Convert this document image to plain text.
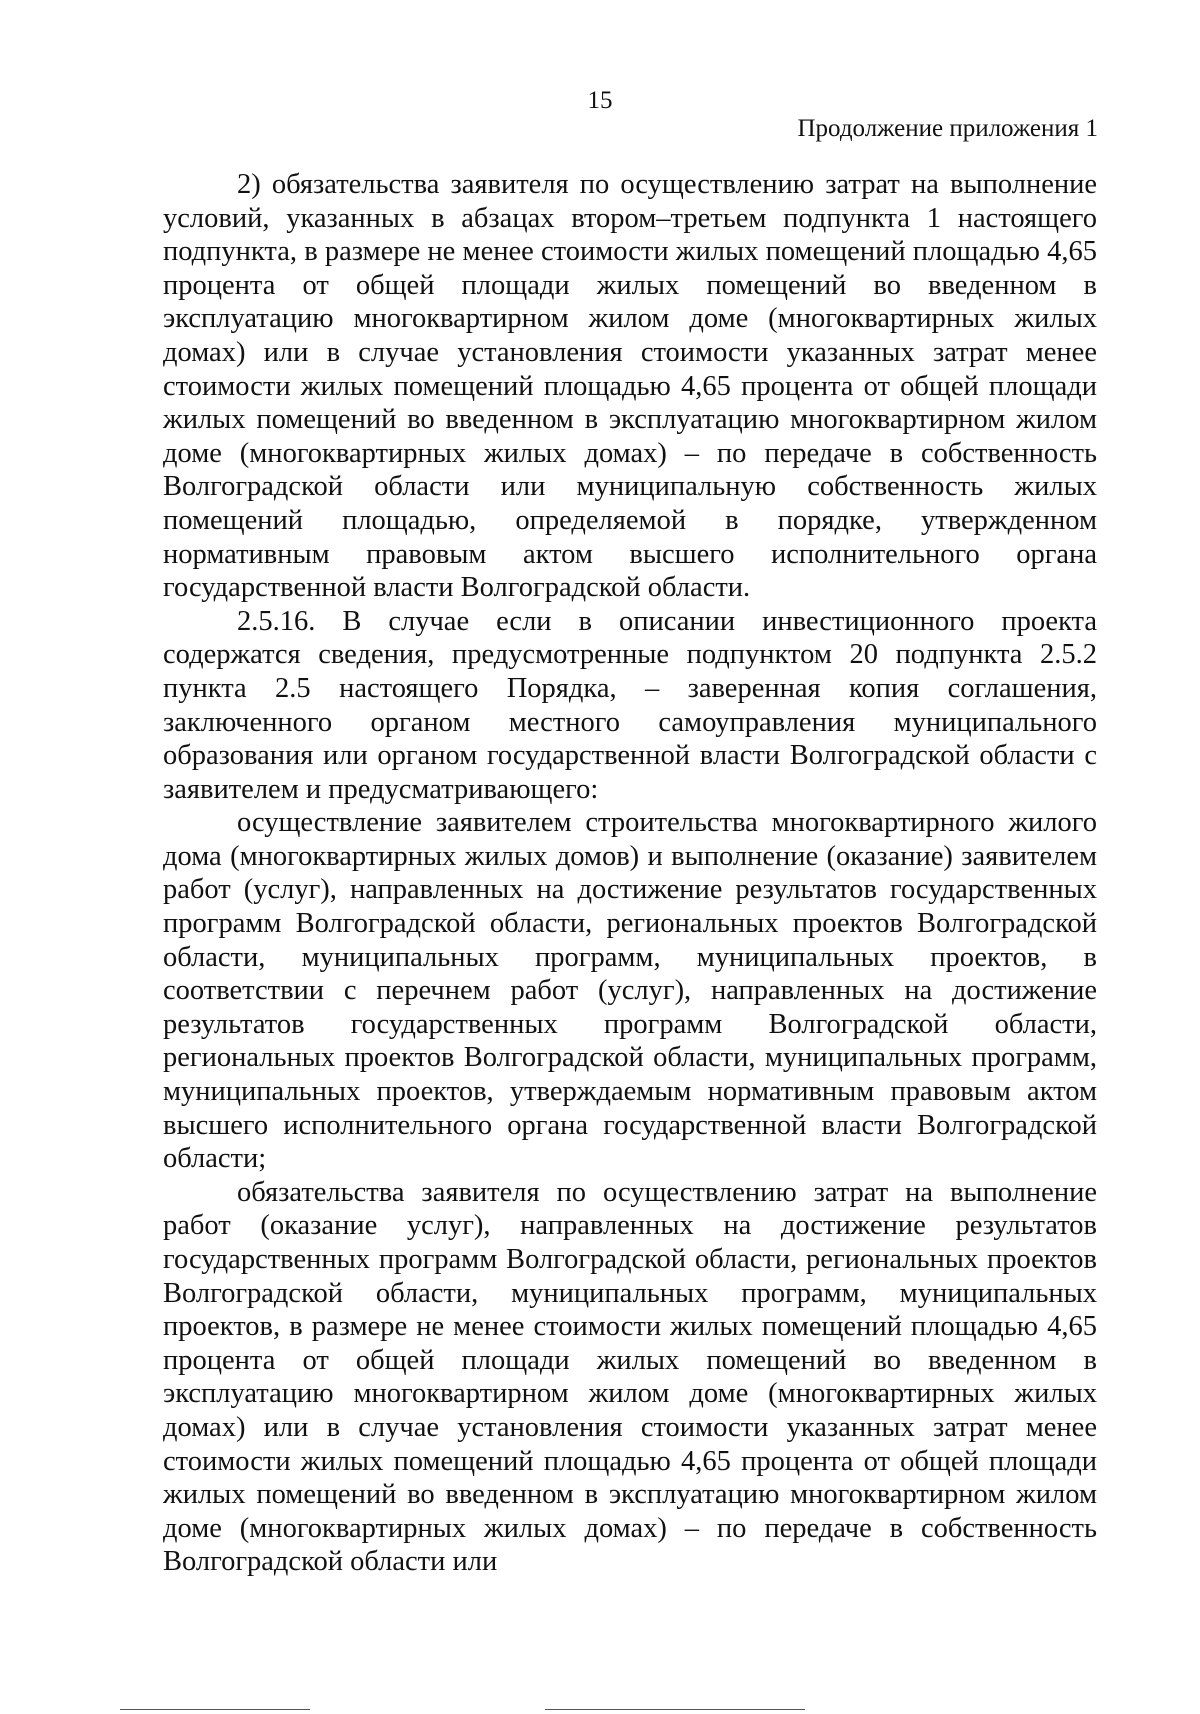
15
Продолжение приложения 1

2) обязательства заявителя по осуществлению затрат на выполнение условий, указанных в абзацах втором–третьем подпункта 1 настоящего подпункта, в размере не менее стоимости жилых помещений площадью 4,65 процента от общей площади жилых помещений во введенном в эксплуатацию многоквартирном жилом доме (многоквартирных жилых домах) или в случае установления стоимости указанных затрат менее стоимости жилых помещений площадью 4,65 процента от общей площади жилых помещений во введенном в эксплуатацию многоквартирном жилом доме (многоквартирных жилых домах) – по передаче в собственность Волгоградской области или муниципальную собственность жилых помещений площадью, определяемой в порядке, утвержденном нормативным правовым актом высшего исполнительного органа государственной власти Волгоградской области.

2.5.16. В случае если в описании инвестиционного проекта содержатся сведения, предусмотренные подпунктом 20 подпункта 2.5.2 пункта 2.5 настоящего Порядка, – заверенная копия соглашения, заключенного органом местного самоуправления муниципального образования или органом государственной власти Волгоградской области с заявителем и предусматривающего:

осуществление заявителем строительства многоквартирного жилого дома (многоквартирных жилых домов) и выполнение (оказание) заявителем работ (услуг), направленных на достижение результатов государственных программ Волгоградской области, региональных проектов Волгоградской области, муниципальных программ, муниципальных проектов, в соответствии с перечнем работ (услуг), направленных на достижение результатов государственных программ Волгоградской области, региональных проектов Волгоградской области, муниципальных программ, муниципальных проектов, утверждаемым нормативным правовым актом высшего исполнительного органа государственной власти Волгоградской области;

обязательства заявителя по осуществлению затрат на выполнение работ (оказание услуг), направленных на достижение результатов государственных программ Волгоградской области, региональных проектов Волгоградской области, муниципальных программ, муниципальных проектов, в размере не менее стоимости жилых помещений площадью 4,65 процента от общей площади жилых помещений во введенном в эксплуатацию многоквартирном жилом доме (многоквартирных жилых домах) или в случае установления стоимости указанных затрат менее стоимости жилых помещений площадью 4,65 процента от общей площади жилых помещений во введенном в эксплуатацию многоквартирном жилом доме (многоквартирных жилых домах) – по передаче в собственность Волгоградской области или
